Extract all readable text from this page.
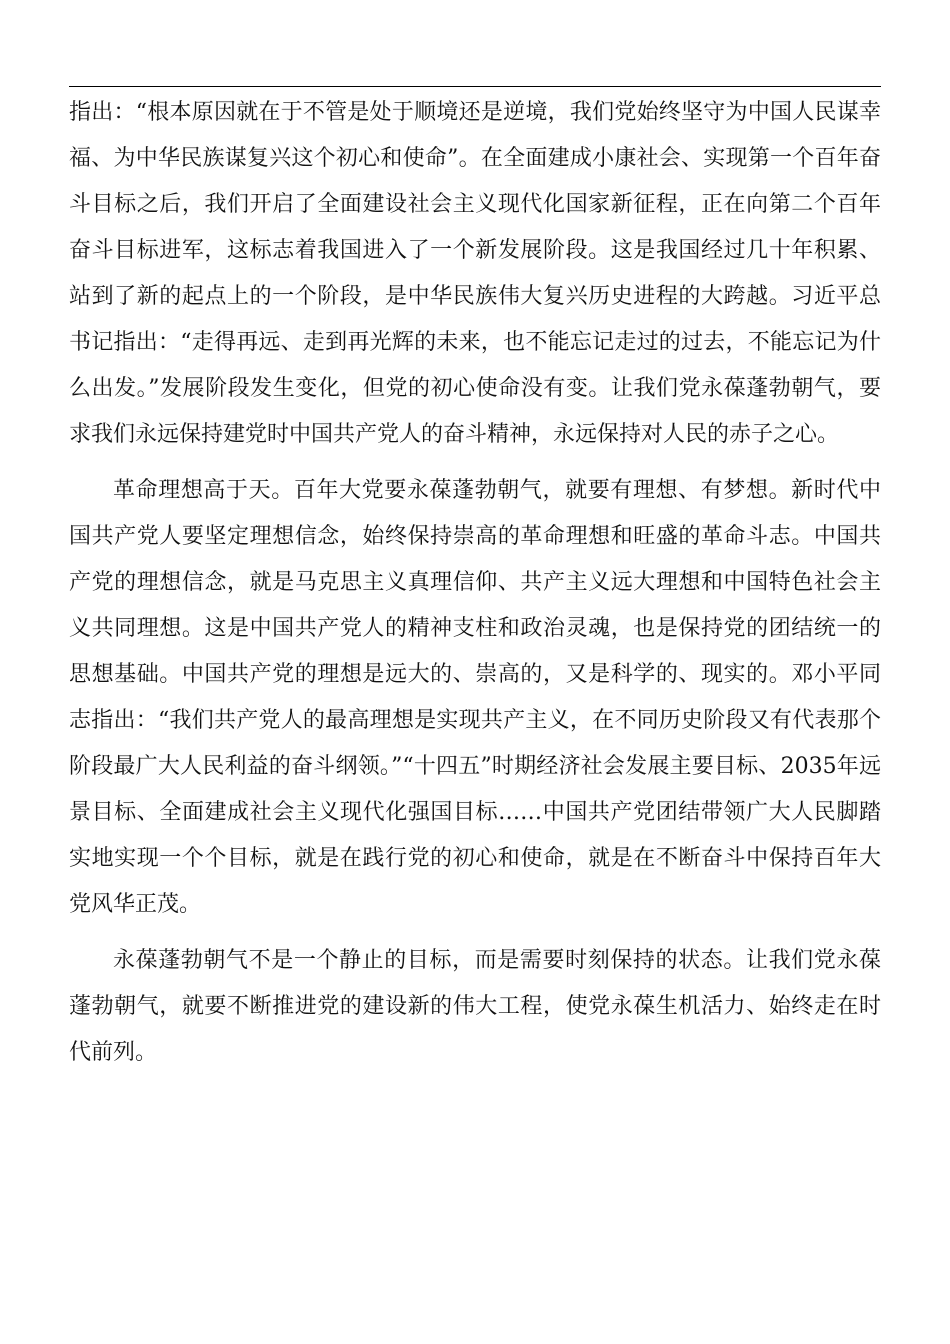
指出：“根本原因就在于不管是处于顺境还是逆境，我们党始终坚守为中国人民谋幸福、为中华民族谋复兴这个初心和使命”。在全面建成小康社会、实现第一个百年奋斗目标之后，我们开启了全面建设社会主义现代化国家新征程，正在向第二个百年奋斗目标进军，这标志着我国进入了一个新发展阶段。这是我国经过几十年积累、站到了新的起点上的一个阶段，是中华民族伟大复兴历史进程的大跨越。习近平总书记指出：“走得再远、走到再光辉的未来，也不能忘记走过的过去，不能忘记为什么出发。”发展阶段发生变化，但党的初心使命没有变。让我们党永葆蓬勃朝气，要求我们永远保持建党时中国共产党人的奋斗精神，永远保持对人民的赤子之心。

革命理想高于天。百年大党要永葆蓬勃朝气，就要有理想、有梦想。新时代中国共产党人要坚定理想信念，始终保持崇高的革命理想和旺盛的革命斗志。中国共产党的理想信念，就是马克思主义真理信仰、共产主义远大理想和中国特色社会主义共同理想。这是中国共产党人的精神支柱和政治灵魂，也是保持党的团结统一的思想基础。中国共产党的理想是远大的、崇高的，又是科学的、现实的。邓小平同志指出：“我们共产党人的最高理想是实现共产主义，在不同历史阶段又有代表那个阶段最广大人民利益的奋斗纲领。”“十四五”时期经济社会发展主要目标、2035年远景目标、全面建成社会主义现代化强国目标……中国共产党团结带领广大人民脚踏实地实现一个个目标，就是在践行党的初心和使命，就是在不断奋斗中保持百年大党风华正茂。

永葆蓬勃朝气不是一个静止的目标，而是需要时刻保持的状态。让我们党永葆蓬勃朝气，就要不断推进党的建设新的伟大工程，使党永葆生机活力、始终走在时代前列。
